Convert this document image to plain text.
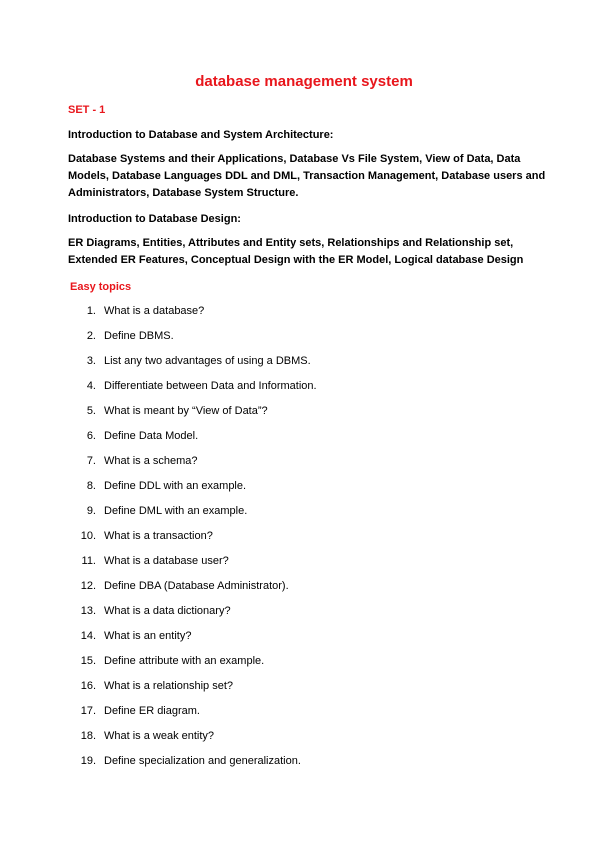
database management system
SET - 1
Introduction to Database and System Architecture:
Database Systems and their Applications, Database Vs File System, View of Data, Data Models, Database Languages DDL and DML, Transaction Management, Database users and Administrators, Database System Structure.
Introduction to Database Design:
ER Diagrams, Entities, Attributes and Entity sets, Relationships and Relationship set, Extended ER Features, Conceptual Design with the ER Model, Logical database Design
Easy topics
1. What is a database?
2. Define DBMS.
3. List any two advantages of using a DBMS.
4. Differentiate between Data and Information.
5. What is meant by “View of Data”?
6. Define Data Model.
7. What is a schema?
8. Define DDL with an example.
9. Define DML with an example.
10. What is a transaction?
11. What is a database user?
12. Define DBA (Database Administrator).
13. What is a data dictionary?
14. What is an entity?
15. Define attribute with an example.
16. What is a relationship set?
17. Define ER diagram.
18. What is a weak entity?
19. Define specialization and generalization.
